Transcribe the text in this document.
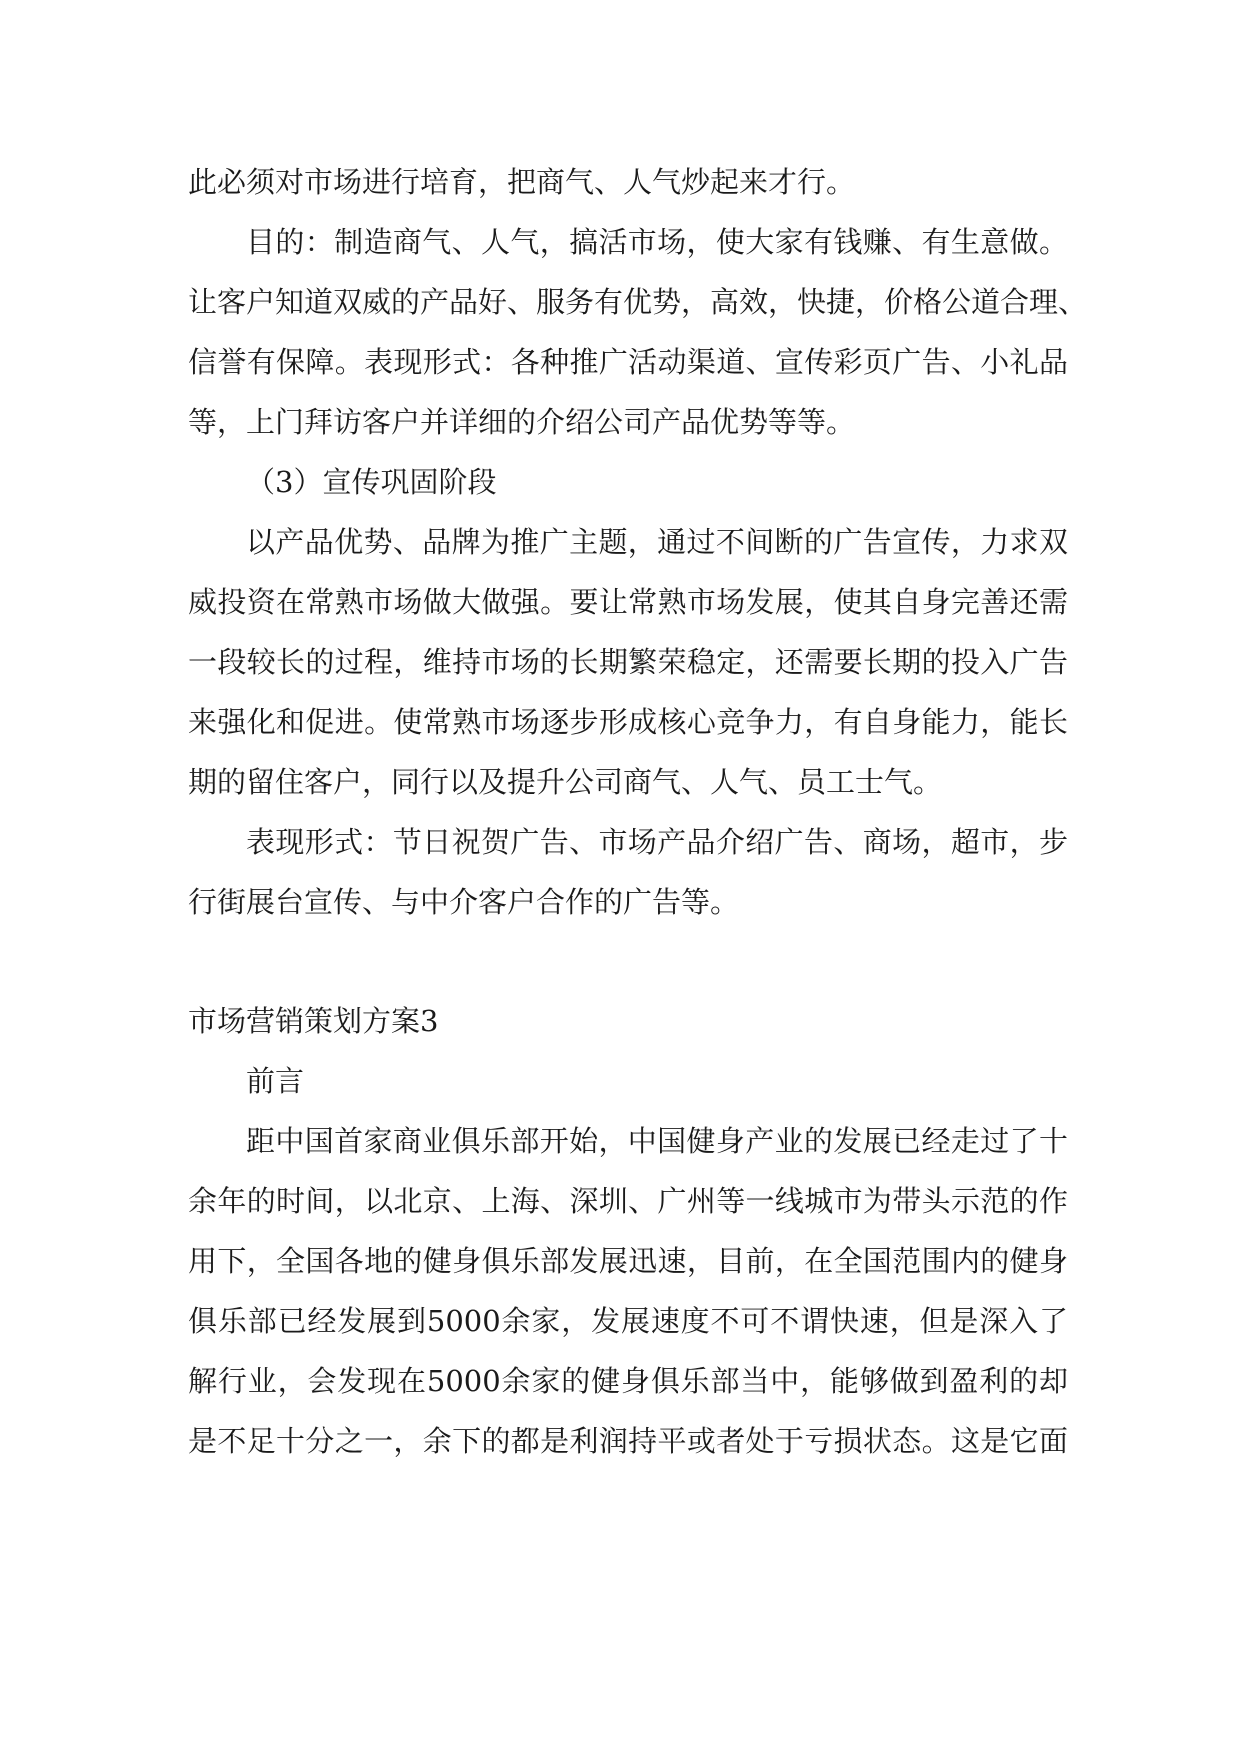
此必须对市场进行培育，把商气、人气炒起来才行。

目的：制造商气、人气，搞活市场，使大家有钱赚、有生意做。

让客户知道双威的产品好、服务有优势，高效，快捷，价格公道合理、

信誉有保障。表现形式：各种推广活动渠道、宣传彩页广告、小礼品

等，上门拜访客户并详细的介绍公司产品优势等等。

（3）宣传巩固阶段

以产品优势、品牌为推广主题，通过不间断的广告宣传，力求双

威投资在常熟市场做大做强。要让常熟市场发展，使其自身完善还需

一段较长的过程，维持市场的长期繁荣稳定，还需要长期的投入广告

来强化和促进。使常熟市场逐步形成核心竞争力，有自身能力，能长

期的留住客户，同行以及提升公司商气、人气、员工士气。

表现形式：节日祝贺广告、市场产品介绍广告、商场，超市，步

行街展台宣传、与中介客户合作的广告等。

市场营销策划方案3

前言

距中国首家商业俱乐部开始，中国健身产业的发展已经走过了十

余年的时间，以北京、上海、深圳、广州等一线城市为带头示范的作

用下，全国各地的健身俱乐部发展迅速，目前，在全国范围内的健身

俱乐部已经发展到5000余家，发展速度不可不谓快速，但是深入了

解行业，会发现在5000余家的健身俱乐部当中，能够做到盈利的却

是不足十分之一，余下的都是利润持平或者处于亏损状态。这是它面
